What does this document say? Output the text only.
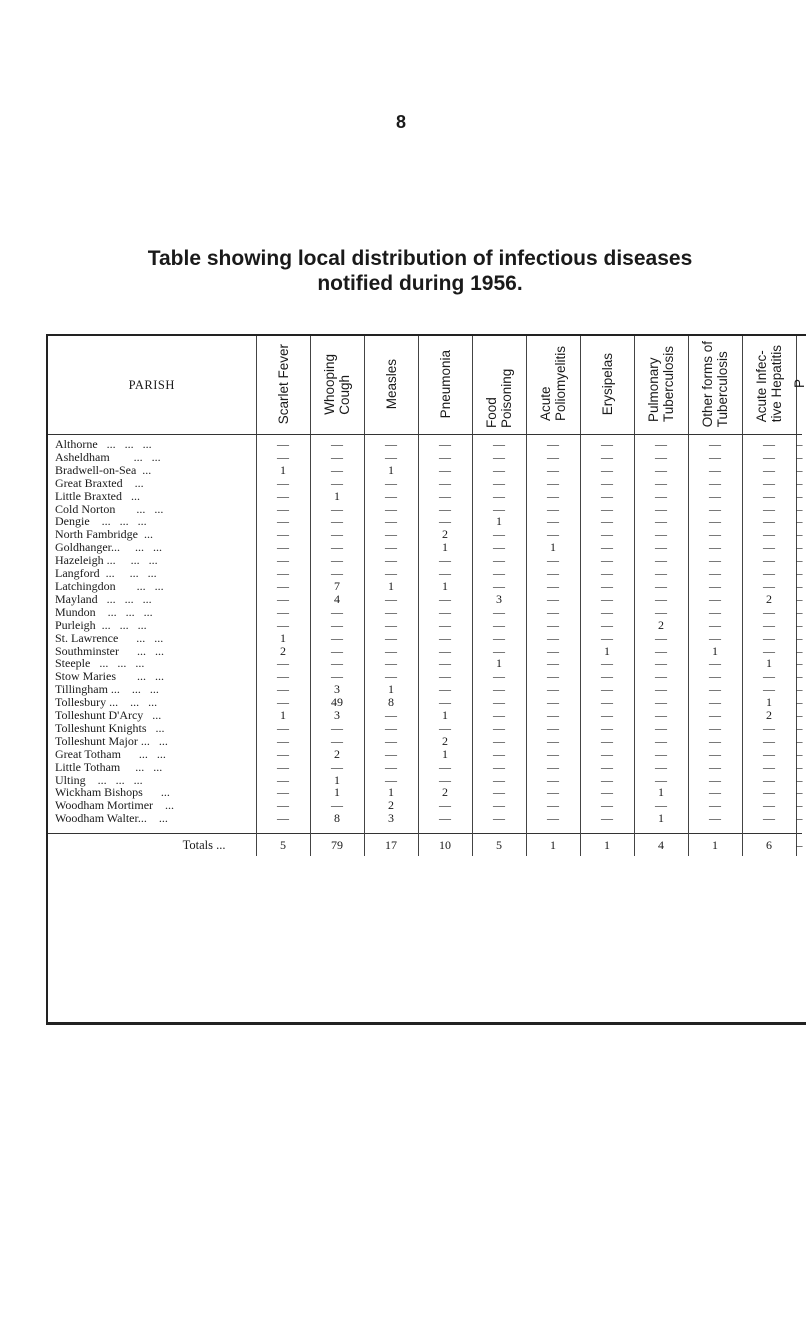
8
Table showing local distribution of infectious diseases
notified during 1956.
PARISH	Scarlet Fever	Whooping
Cough	Measles	Pneumonia	Food Poisoning	Acute
Poliomyelitis	Erysipelas	Pulmonary
Tuberculosis	Other forms of
Tuberculosis	Acute Infec-
tive Hepatitis	P

Althorne   ...   ...   ...	—	—	—	—	—	—	—	—	—	—	–
Asheldham        ...   ...	—	—	—	—	—	—	—	—	—	—	–
Bradwell-on-Sea  ...	1	—	1	—	—	—	—	—	—	—	–
Great Braxted    ...	—	—	—	—	—	—	—	—	—	—	–
Little Braxted   ...	—	1	—	—	—	—	—	—	—	—	–
Cold Norton       ...   ...	—	—	—	—	—	—	—	—	—	—	–
Dengie    ...   ...   ...	—	—	—	—	1	—	—	—	—	—	–
North Fambridge  ...	—	—	—	2	—	—	—	—	—	—	–
Goldhanger...     ...   ...	—	—	—	1	—	1	—	—	—	—	–
Hazeleigh ...     ...   ...	—	—	—	—	—	—	—	—	—	—	–
Langford  ...     ...   ...	—	—	—	—	—	—	—	—	—	—	–
Latchingdon       ...   ...	—	7	1	1	—	—	—	—	—	—	–
Mayland   ...   ...   ...	—	4	—	—	3	—	—	—	—	2	–
Mundon    ...   ...   ...	—	—	—	—	—	—	—	—	—	—	–
Purleigh  ...   ...   ...	—	—	—	—	—	—	—	2	—	—	–
St. Lawrence      ...   ...	1	—	—	—	—	—	—	—	—	—	–
Southminster      ...   ...	2	—	—	—	—	—	1	—	1	—	–
Steeple   ...   ...   ...	—	—	—	—	1	—	—	—	—	1	–
Stow Maries       ...   ...	—	—	—	—	—	—	—	—	—	—	–
Tillingham ...    ...   ...	—	3	1	—	—	—	—	—	—	—	–
Tollesbury ...    ...   ...	—	49	8	—	—	—	—	—	—	1	–
Tolleshunt D'Arcy   ...	1	3	—	1	—	—	—	—	—	2	–
Tolleshunt Knights   ...	—	—	—	—	—	—	—	—	—	—	–
Tolleshunt Major ...   ...	—	—	—	2	—	—	—	—	—	—	–
Great Totham      ...   ...	—	2	—	1	—	—	—	—	—	—	–
Little Totham     ...   ...	—	—	—	—	—	—	—	—	—	—	–
Ulting    ...   ...   ...	—	1	—	—	—	—	—	—	—	—	–
Wickham Bishops      ...	—	1	1	2	—	—	—	1	—	—	–
Woodham Mortimer    ...	—	—	2	—	—	—	—	—	—	—	–
Woodham Walter...    ...	—	8	3	—	—	—	—	1	—	—	–

Totals ...	5	79	17	10	5	1	1	4	1	6	–
